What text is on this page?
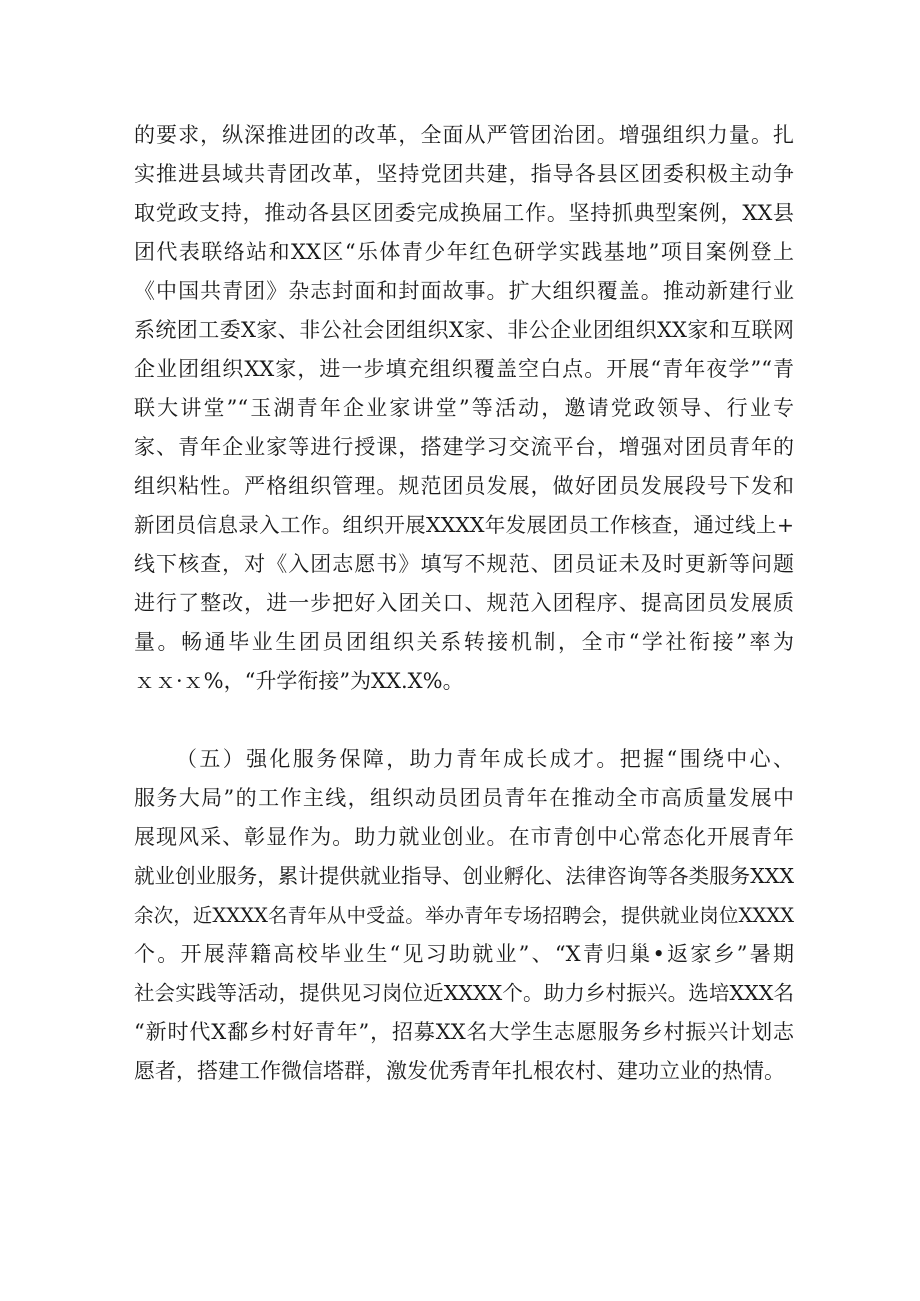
的要求，纵深推进团的改革，全面从严管团治团。增强组织力量。扎
实推进县域共青团改革，坚持党团共建，指导各县区团委积极主动争
取党政支持，推动各县区团委完成换届工作。坚持抓典型案例，XX县
团代表联络站和XX区“乐体青少年红色研学实践基地”项目案例登上
《中国共青团》杂志封面和封面故事。扩大组织覆盖。推动新建行业
系统团工委X家、非公社会团组织X家、非公企业团组织XX家和互联网
企业团组织XX家，进一步填充组织覆盖空白点。开展“青年夜学”“青
联大讲堂”“玉湖青年企业家讲堂”等活动，邀请党政领导、行业专
家、青年企业家等进行授课，搭建学习交流平台，增强对团员青年的
组织粘性。严格组织管理。规范团员发展，做好团员发展段号下发和
新团员信息录入工作。组织开展XXXX年发展团员工作核查，通过线上+
线下核查，对《入团志愿书》填写不规范、团员证未及时更新等问题
进行了整改，进一步把好入团关口、规范入团程序、提高团员发展质
量。畅通毕业生团员团组织关系转接机制，全市“学社衔接”率为
ｘｘ·ｘ%，“升学衔接”为XX.X%。
（五）强化服务保障，助力青年成长成才。把握“围绕中心、
服务大局”的工作主线，组织动员团员青年在推动全市高质量发展中
展现风采、彰显作为。助力就业创业。在市青创中心常态化开展青年
就业创业服务，累计提供就业指导、创业孵化、法律咨询等各类服务XXX
余次，近XXXX名青年从中受益。举办青年专场招聘会，提供就业岗位XXXX
个。开展萍籍高校毕业生“见习助就业”、“X青归巢•返家乡”暑期
社会实践等活动，提供见习岗位近XXXX个。助力乡村振兴。选培XXX名
“新时代X鄱乡村好青年”，招募XX名大学生志愿服务乡村振兴计划志
愿者，搭建工作微信塔群，激发优秀青年扎根农村、建功立业的热情。
